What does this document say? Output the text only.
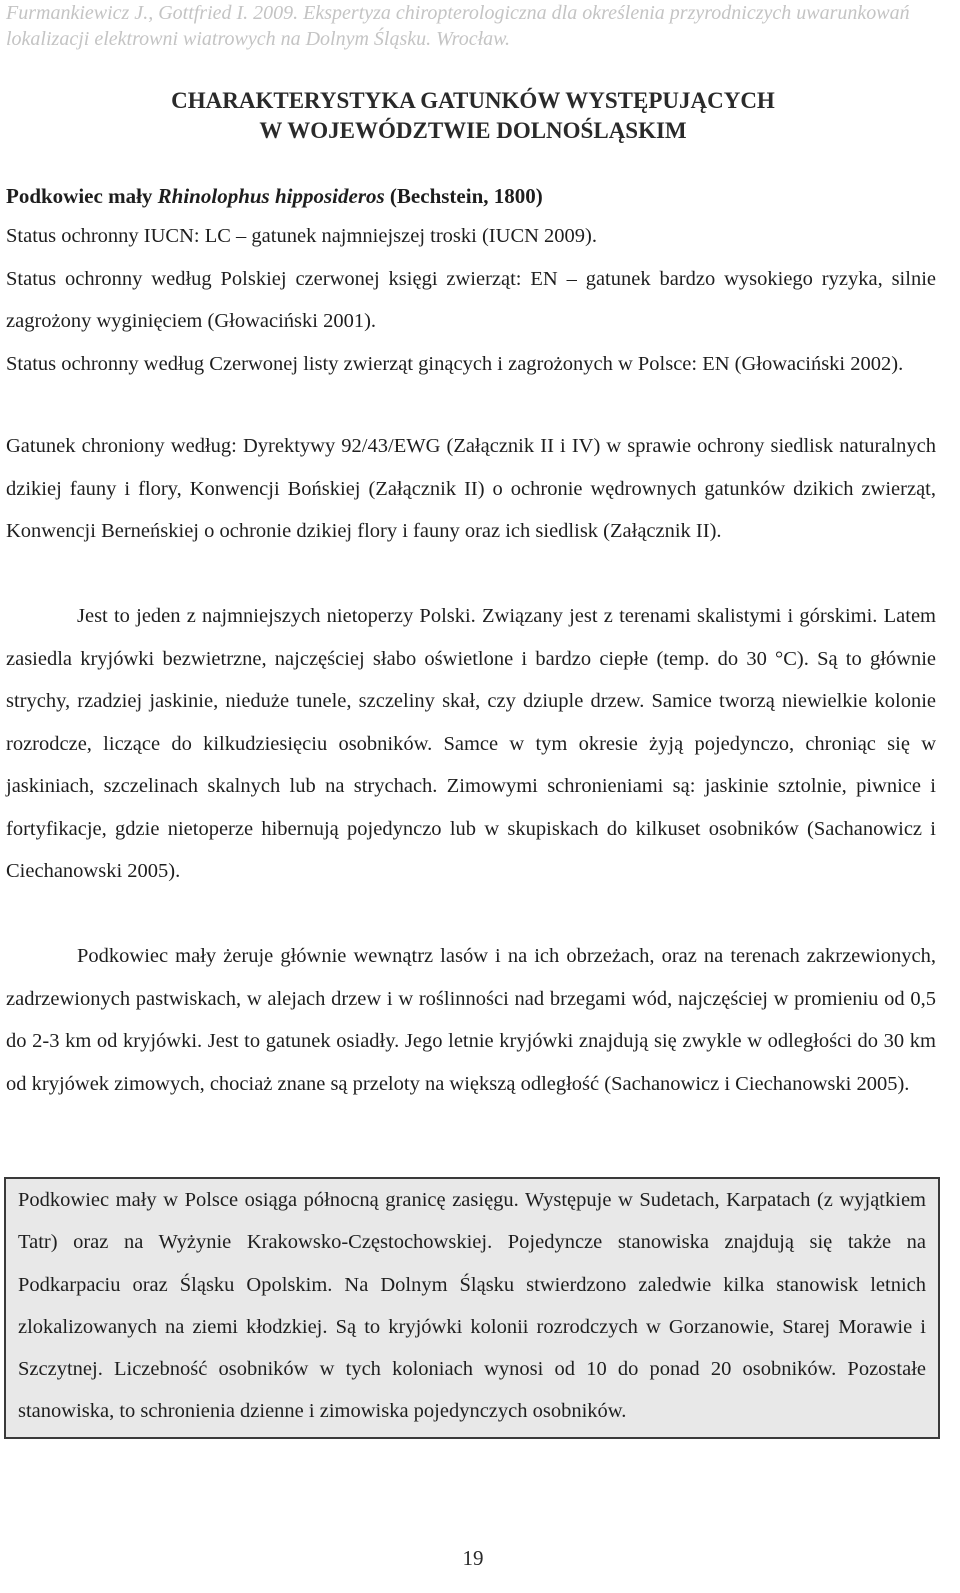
Furmankiewicz J., Gottfried I. 2009. Ekspertyza chiropterologiczna dla określenia przyrodniczych uwarunkowań
lokalizacji elektrowni wiatrowych na Dolnym Śląsku. Wrocław.
CHARAKTERYSTYKA GATUNKÓW WYSTĘPUJĄCYCH
W WOJEWÓDZTWIE DOLNOŚLĄSKIM
Podkowiec mały Rhinolophus hipposideros (Bechstein, 1800)

Status ochronny IUCN: LC – gatunek najmniejszej troski (IUCN 2009).

Status ochronny według Polskiej czerwonej księgi zwierząt: EN – gatunek bardzo wysokiego ryzyka, silnie zagrożony wyginięciem (Głowaciński 2001).

Status ochronny według Czerwonej listy zwierząt ginących i zagrożonych w Polsce: EN (Głowaciński 2002).

Gatunek chroniony według: Dyrektywy 92/43/EWG (Załącznik II i IV) w sprawie ochrony siedlisk naturalnych dzikiej fauny i flory, Konwencji Bońskiej (Załącznik II) o ochronie wędrownych gatunków dzikich zwierząt, Konwencji Berneńskiej o ochronie dzikiej flory i fauny oraz ich siedlisk (Załącznik II).

Jest to jeden z najmniejszych nietoperzy Polski. Związany jest z terenami skalistymi i górskimi. Latem zasiedla kryjówki bezwietrzne, najczęściej słabo oświetlone i bardzo ciepłe (temp. do 30 °C). Są to głównie strychy, rzadziej jaskinie, nieduże tunele, szczeliny skał, czy dziuple drzew. Samice tworzą niewielkie kolonie rozrodcze, liczące do kilkudziesięciu osobników. Samce w tym okresie żyją pojedynczo, chroniąc się w jaskiniach, szczelinach skalnych lub na strychach. Zimowymi schronieniami są: jaskinie sztolnie, piwnice i fortyfikacje, gdzie nietoperze hibernują pojedynczo lub w skupiskach do kilkuset osobników (Sachanowicz i Ciechanowski 2005).

Podkowiec mały żeruje głównie wewnątrz lasów i na ich obrzeżach, oraz na terenach zakrzewionych, zadrzewionych pastwiskach, w alejach drzew i w roślinności nad brzegami wód, najczęściej w promieniu od 0,5 do 2-3 km od kryjówki. Jest to gatunek osiadły. Jego letnie kryjówki znajdują się zwykle w odległości do 30 km od kryjówek zimowych, chociaż znane są przeloty na większą odległość (Sachanowicz i Ciechanowski 2005).

Podkowiec mały w Polsce osiąga północną granicę zasięgu. Występuje w Sudetach, Karpatach (z wyjątkiem Tatr) oraz na Wyżynie Krakowsko-Częstochowskiej. Pojedyncze stanowiska znajdują się także na Podkarpaciu oraz Śląsku Opolskim. Na Dolnym Śląsku stwierdzono zaledwie kilka stanowisk letnich zlokalizowanych na ziemi kłodzkiej. Są to kryjówki kolonii rozrodczych w Gorzanowie, Starej Morawie i Szczytnej. Liczebność osobników w tych koloniach wynosi od 10 do ponad 20 osobników. Pozostałe stanowiska, to schronienia dzienne i zimowiska pojedynczych osobników.

19
